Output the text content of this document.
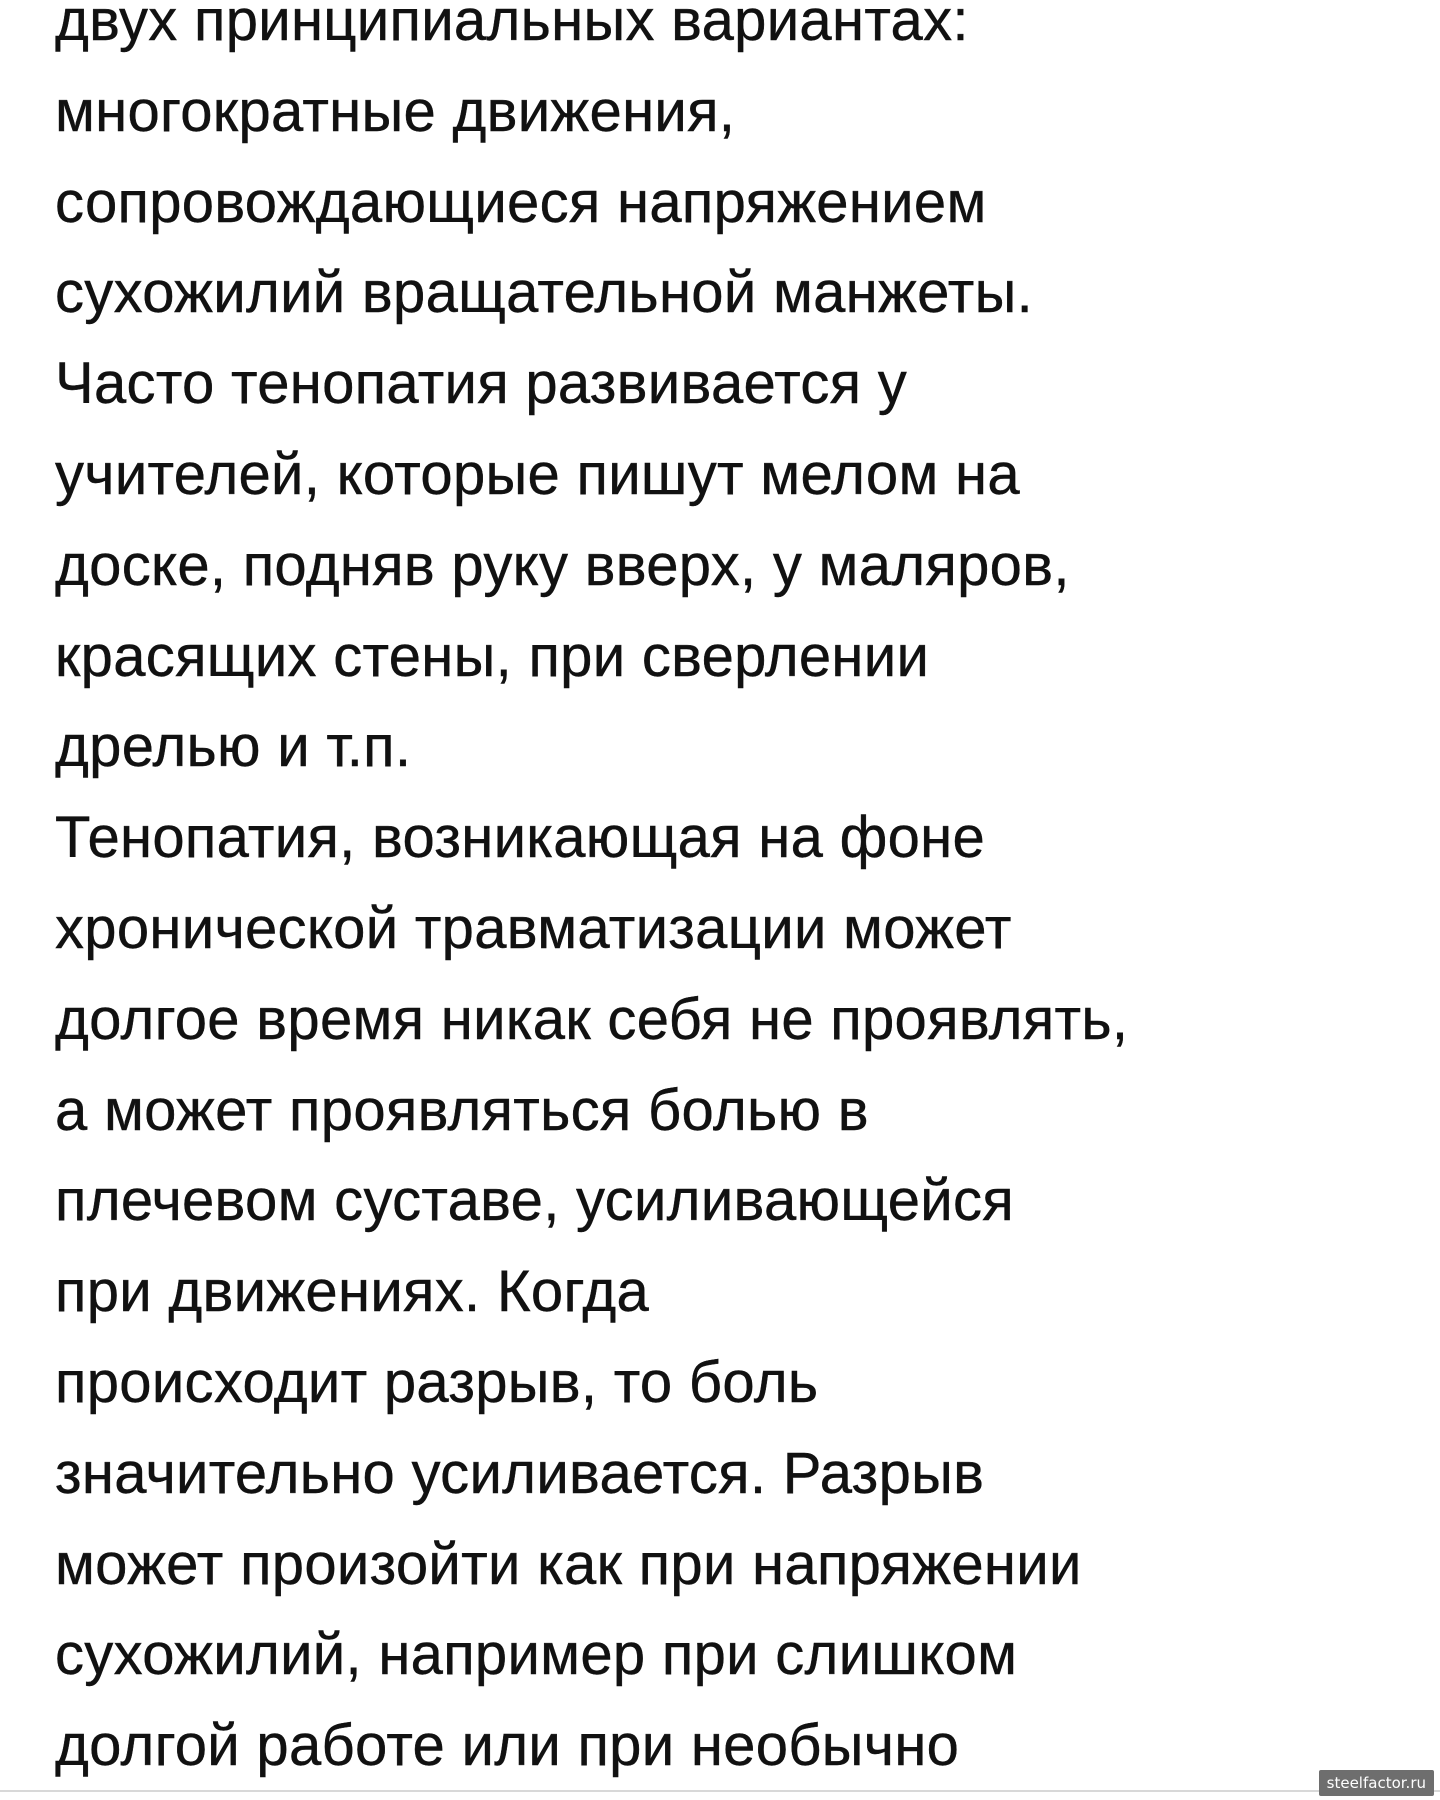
двух принципиальных вариантах:
многократные движения,
сопровождающиеся напряжением
сухожилий вращательной манжеты.
Часто тенопатия развивается у
учителей, которые пишут мелом на
доске, подняв руку вверх, у маляров,
красящих стены, при сверлении
дрелью и т.п.
Тенопатия, возникающая на фоне
хронической травматизации может
долгое время никак себя не проявлять,
а может проявляться болью в
плечевом суставе, усиливающейся
при движениях. Когда
происходит разрыв, то боль
значительно усиливается. Разрыв
может произойти как при напряжении
сухожилий, например при слишком
долгой работе или при необычно
steelfactor.ru
